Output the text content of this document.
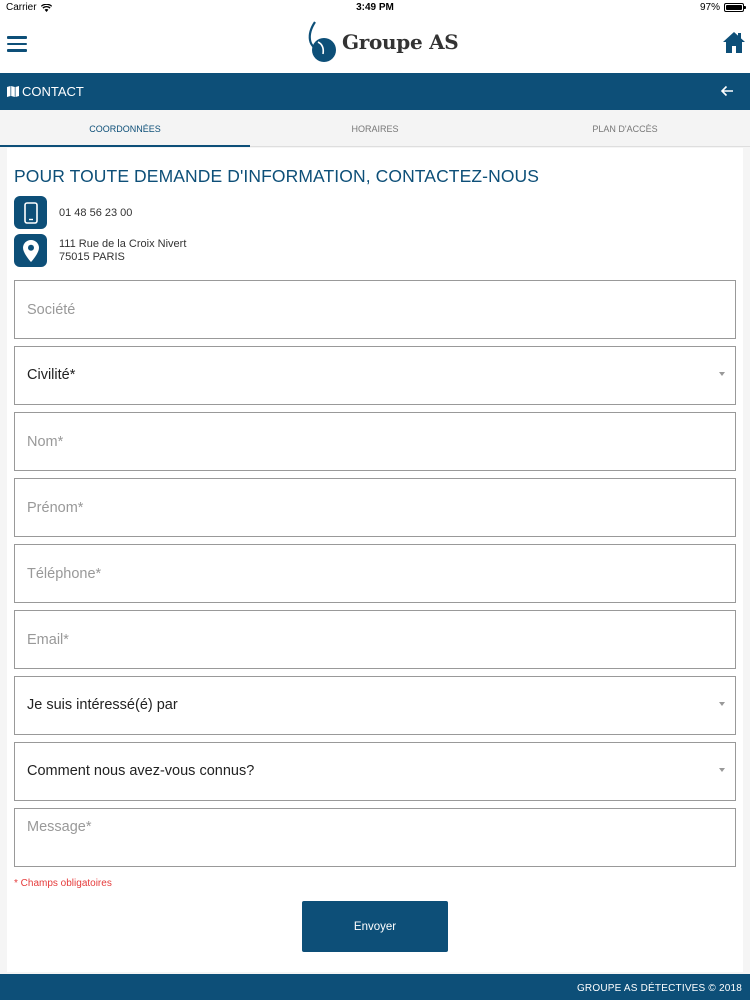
Carrier	3:49 PM	97%
Groupe AS
CONTACT
COORDONNÉES	HORAIRES	PLAN D'ACCÈS
POUR TOUTE DEMANDE D'INFORMATION, CONTACTEZ-NOUS
01 48 56 23 00
111 Rue de la Croix Nivert
75015 PARIS
Société
Civilité*
Nom*
Prénom*
Téléphone*
Email*
Je suis intéressé(é) par
Comment nous avez-vous connus?
Message*
* Champs obligatoires
Envoyer
GROUPE AS DÉTECTIVES © 2018
